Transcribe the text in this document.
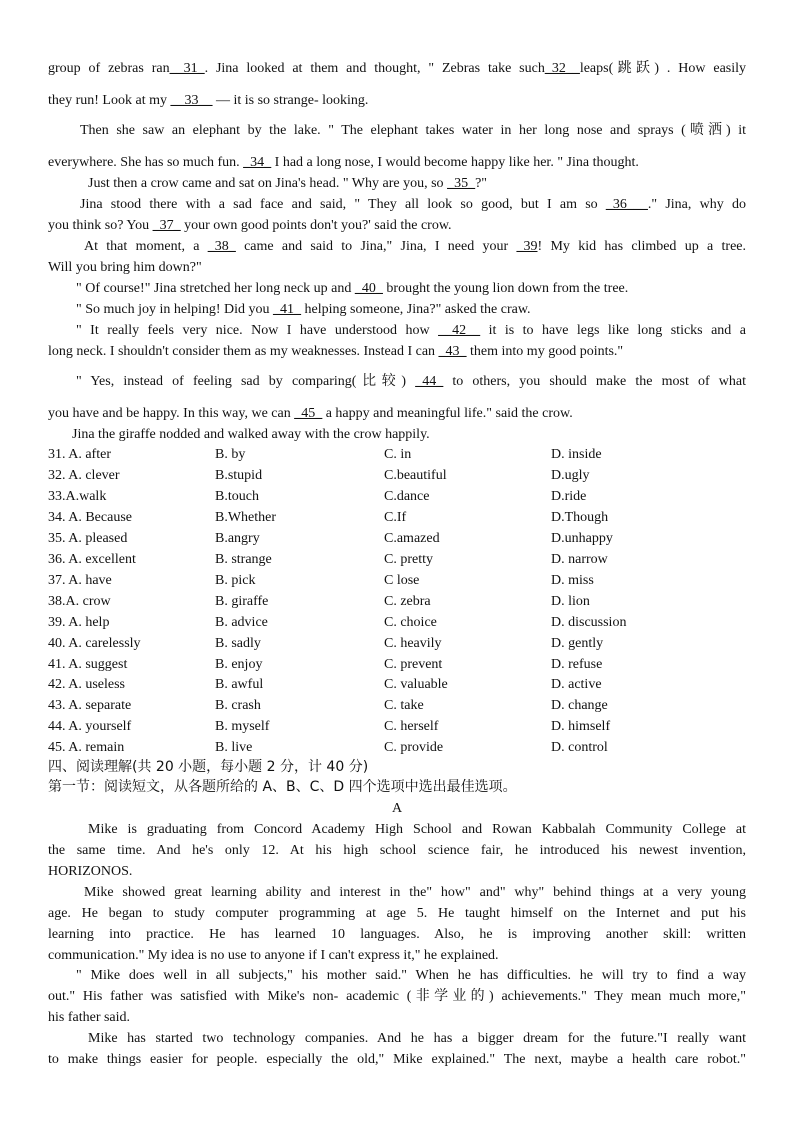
group of zebras ran__31_. Jina looked at them and thought, " Zebras take such_32__leaps(跳跃) . How easily
they run! Look at my __33__ — it is so strange- looking.
Then she saw an elephant by the lake. " The elephant takes water in her long nose and sprays (喷洒) it
everywhere. She has so much fun. _34_ I had a long nose, I would become happy like her. " Jina thought.
Just then a crow came and sat on Jina's head. " Why are you, so _35_?"
Jina stood there with a sad face and said, " They all look so good, but I am so _36___." Jina, why do
you think so? You _37_ your own good points don't you?' said the crow.
At that moment, a _38_ came and said to Jina," Jina, I need your _39! My kid has climbed up a tree.
Will you bring him down?"
" Of course!" Jina stretched her long neck up and _40_ brought the young lion down from the tree.
" So much joy in helping! Did you _41_ helping someone, Jina?" asked the craw.
" It really feels very nice. Now I have understood how __42__ it is to have legs like long sticks and a
long neck. I shouldn't consider them as my weaknesses. Instead I can _43_ them into my good points."
" Yes, instead of feeling sad by comparing(比较) _44_ to others, you should make the most of what
you have and be happy. In this way, we can _45_ a happy and meaningful life." said the crow.
Jina the giraffe nodded and walked away with the crow happily.
31. A. after	B. by	C. in	D. inside
32. A. clever	B.stupid	C.beautiful	D.ugly
33.A.walk	B.touch	C.dance	D.ride
34. A. Because	B.Whether	C.If	D.Though
35. A. pleased	B.angry	C.amazed	D.unhappy
36. A. excellent	B. strange	C. pretty	D. narrow
37. A. have	B. pick	C lose	D. miss
38.A. crow	B. giraffe	C. zebra	D. lion
39. A. help	B. advice	C. choice	D. discussion
40. A. carelessly	B. sadly	C. heavily	D. gently
41. A. suggest	B. enjoy	C. prevent	D. refuse
42. A. useless	B. awful	C. valuable	D. active
43. A. separate	B. crash	C. take	D. change
44. A. yourself	B. myself	C. herself	D. himself
45. A. remain	B. live	C. provide	D. control
四、阅读理解(共 20 小题，每小题 2 分，计 40 分)
第一节：阅读短文，从各题所给的 A、B、C、D 四个选项中选出最佳选项。
A
Mike is graduating from Concord Academy High School and Rowan Kabbalah Community College at
the same time. And he's only 12. At his high school science fair, he introduced his newest invention,
HORIZONOS.
Mike showed great learning ability and interest in the" how" and" why" behind things at a very young
age. He began to study computer programming at age 5. He taught himself on the Internet and put his
learning into practice. He has learned 10 languages. Also, he is improving another skill: written
communication." My idea is no use to anyone if I can't express it," he explained.
" Mike does well in all subjects," his mother said." When he has difficulties. he will try to find a way
out." His father was satisfied with Mike's non- academic (非学业的) achievements." They mean much more,"
his father said.
Mike has started two technology companies. And he has a bigger dream for the future."I really want
to make things easier for people. especially the old," Mike explained." The next, maybe a health care robot."
